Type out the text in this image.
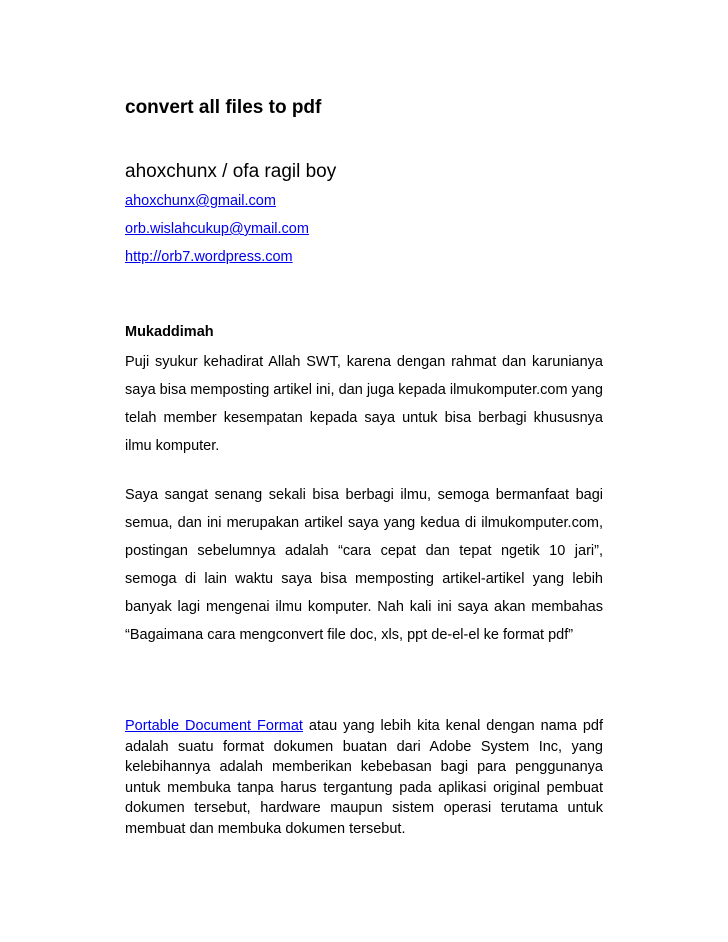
convert all files to pdf
ahoxchunx / ofa ragil boy
ahoxchunx@gmail.com
orb.wislahcukup@ymail.com
http://orb7.wordpress.com
Mukaddimah
Puji syukur kehadirat Allah SWT, karena dengan rahmat dan karunianya saya bisa memposting artikel ini, dan juga kepada ilmukomputer.com yang telah member kesempatan kepada saya untuk bisa berbagi khususnya ilmu komputer.
Saya sangat senang sekali bisa berbagi ilmu, semoga bermanfaat bagi semua, dan ini merupakan artikel saya yang kedua di ilmukomputer.com, postingan sebelumnya adalah “cara cepat dan tepat ngetik 10 jari”, semoga di lain waktu saya bisa memposting artikel-artikel yang lebih banyak lagi mengenai ilmu komputer. Nah kali ini saya akan membahas “Bagaimana cara mengconvert file doc, xls, ppt de-el-el ke format pdf”
Portable Document Format atau yang lebih kita kenal dengan nama pdf adalah suatu format dokumen buatan dari Adobe System Inc, yang kelebihannya adalah memberikan kebebasan bagi para penggunanya untuk membuka tanpa harus tergantung pada aplikasi original pembuat dokumen tersebut, hardware maupun sistem operasi terutama untuk membuat dan membuka dokumen tersebut.
